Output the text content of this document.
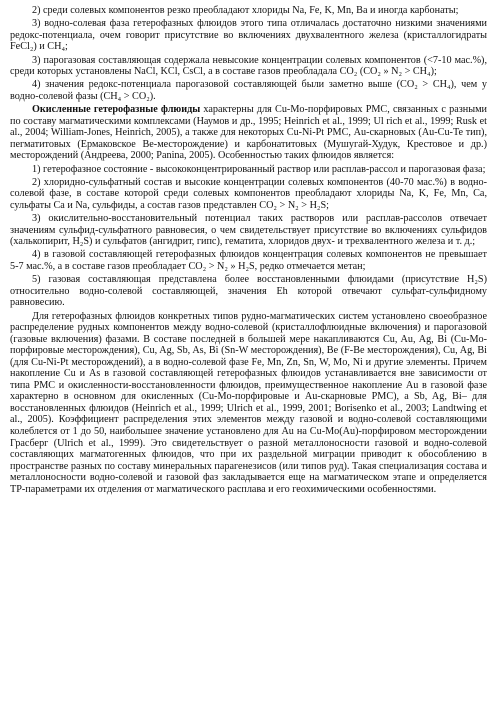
2) среди солевых компонентов резко преобладают хлориды Na, Fe, K, Mn, Ва и иногда карбонаты;

3) водно-солевая фаза гетерофазных флюидов этого типа отличалась достаточно низкими значениями редокс-потенциала, очем говорит присутствие во включениях двухвалентного железа (кристаллогидраты FeCl₂) и CH₄;

3) парогазовая составляющая содержала невысокие концентрации солевых компонентов (<7-10 мас.%), среди которых установлены NaCl, KCl, CsCl, а в составе газов преобладала CO₂ (CO₂ » N₂ > CH₄);

4) значения редокс-потенциала парогазовой составляющей были заметно выше (CO₂ > CH₄), чем у водно-солевой фазы (CH₄ > CO₂).

Окисленные гетерофазные флюиды характерны для Cu-Mo-порфировых РМС, связанных с разными по составу магматическими комплексами (Наумов и др., 1995; Heinrich et al., 1999; Ul rich et al., 1999; Rusk et al., 2004; William-Jones, Heinrich, 2005), а также для некоторых Cu-Ni-Pt РМС, Au-скарновых (Au-Cu-Te тип), пегматитовых (Ермаковское Ве-месторождение) и карбонатитовых (Мушугай-Худук, Крестовое и др.) месторождений (Андреева, 2000; Panina, 2005). Особенностью таких флюидов является:

1) гетерофазное состояние - высококонцентрированный раствор или расплав-рассол и парогазовая фаза;

2) хлоридно-сульфатный состав и высокие концентрации солевых компонентов (40-70 мас.%) в водно-солевой фазе, в составе которой среди солевых компонентов преобладают хлориды Na, K, Fe, Mn, Ca, сульфаты Ca и Na, сульфиды, а состав газов представлен CO₂ > N₂ > H₂S;

3) окислительно-восстановительный потенциал таких растворов или расплав-рассолов отвечает значениям сульфид-сульфатного равновесия, о чем свидетельствует присутствие во включениях сульфидов (халькопирит, H₂S) и сульфатов (ангидрит, гипс), гематита, хлоридов двух- и трехвалентного железа и т. д.;

4) в газовой составляющей гетерофазных флюидов концентрация солевых компонентов не превышает 5-7 мас.%, а в составе газов преобладает CO₂ > N₂ » H₂S, редко отмечается метан;

5) газовая составляющая представлена более восстановленными флюидами (присутствие H₂S) относительно водно-солевой составляющей, значения Eh которой отвечают сульфат-сульфидному равновесию.

Для гетерофазных флюидов конкретных типов рудно-магматических систем установлено своеобразное распределение рудных компонентов между водно-солевой (кристаллофлюидные включения) и парогазовой (газовые включения) фазами. В составе последней в большей мере накапливаются Cu, Au, Ag, Bi (Cu-Mo-порфировые месторождения), Cu, Ag, Sb, As, Bi (Sn-W месторождения), Be (F-Be месторождения), Cu, Ag, Bi (для Cu-Ni-Pt месторождений), а в водно-солевой фазе Fe, Mn, Zn, Sn, W, Mo, Ni и другие элементы. Причем накопление Cu и As в газовой составляющей гетерофазных флюидов устанавливается вне зависимости от типа РМС и окисленности-восстановленности флюидов, преимущественное накопление Au в газовой фазе характерно в основном для окисленных (Cu-Mo-порфировые и Au-скарновые РМС), а Sb, Ag, Bi– для восстановленных флюидов (Heinrich et al., 1999; Ulrich et al., 1999, 2001; Borisenko et al., 2003; Landtwing et al., 2005). Коэффициент распределения этих элементов между газовой и водно-солевой составляющими колеблется от 1 до 50, наибольшее значение установлено для Au на Cu-Mo(Au)-порфировом месторождении Грасберг (Ulrich et al., 1999). Это свидетельствует о разной металлоносности газовой и водно-солевой составляющих магматогенных флюидов, что при их раздельной миграции приводит к обособлению в пространстве разных по составу минеральных парагенезисов (или типов руд). Такая специализация состава и металлоносности водно-солевой и газовой фаз закладывается еще на магматическом этапе и определяется TP-параметрами их отделения от магматического расплава и его геохимическими особенностями.
